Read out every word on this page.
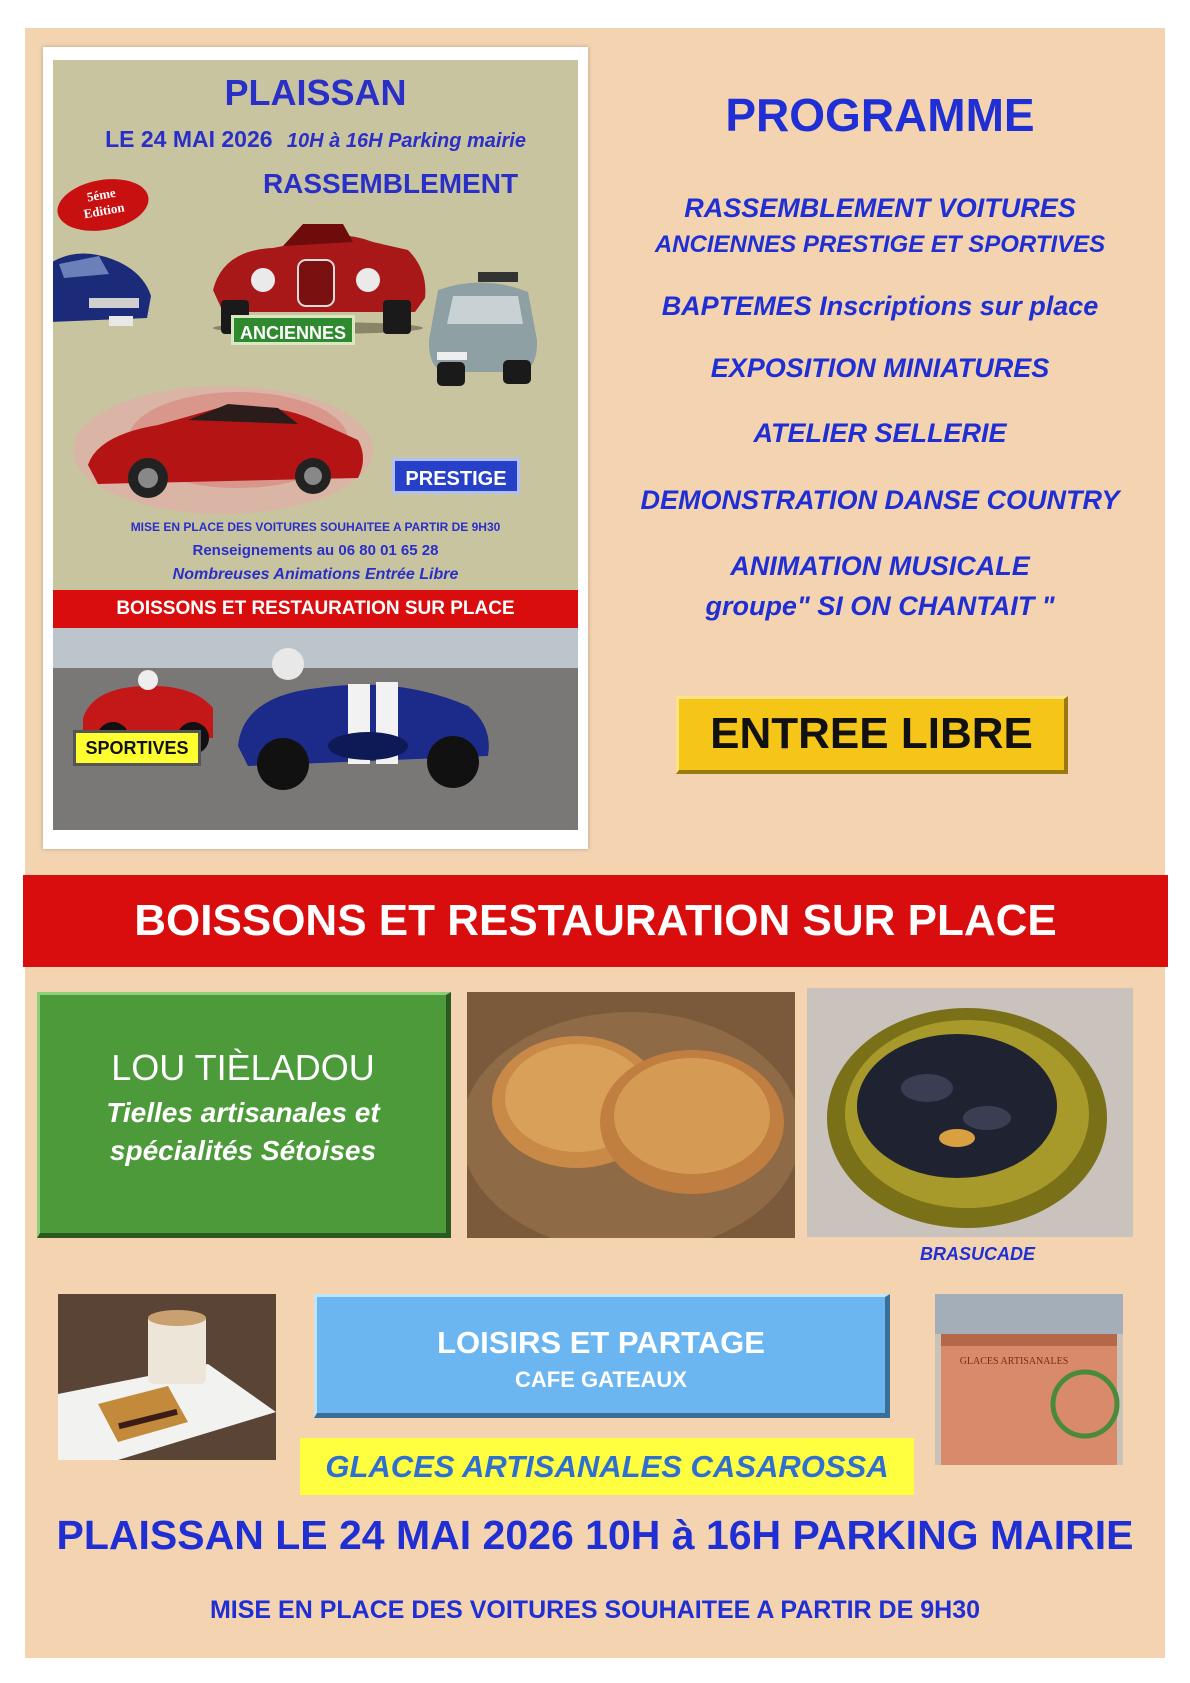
PLAISSAN
LE 24 MAI 2026 10H à 16H Parking mairie
RASSEMBLEMENT
5éme
Edition
ANCIENNES
PRESTIGE
MISE EN PLACE DES VOITURES SOUHAITEE A PARTIR DE 9H30
Renseignements au 06 80 01 65 28
Nombreuses Animations Entrée Libre
BOISSONS ET RESTAURATION SUR PLACE
SPORTIVES
PROGRAMME
RASSEMBLEMENT VOITURES
ANCIENNES PRESTIGE ET SPORTIVES
BAPTEMES Inscriptions sur place
EXPOSITION MINIATURES
ATELIER SELLERIE
DEMONSTRATION DANSE COUNTRY
ANIMATION MUSICALE
groupe" SI ON CHANTAIT "
ENTREE LIBRE
BOISSONS ET RESTAURATION SUR PLACE
LOU TIÈLADOU
Tielles artisanales et
spécialités Sétoises
BRASUCADE
LOISIRS ET PARTAGE
CAFE GATEAUX
GLACES ARTISANALES
GLACES ARTISANALES CASAROSSA
PLAISSAN LE 24 MAI 2026 10H à 16H PARKING MAIRIE
MISE EN PLACE DES VOITURES SOUHAITEE A PARTIR DE 9H30
